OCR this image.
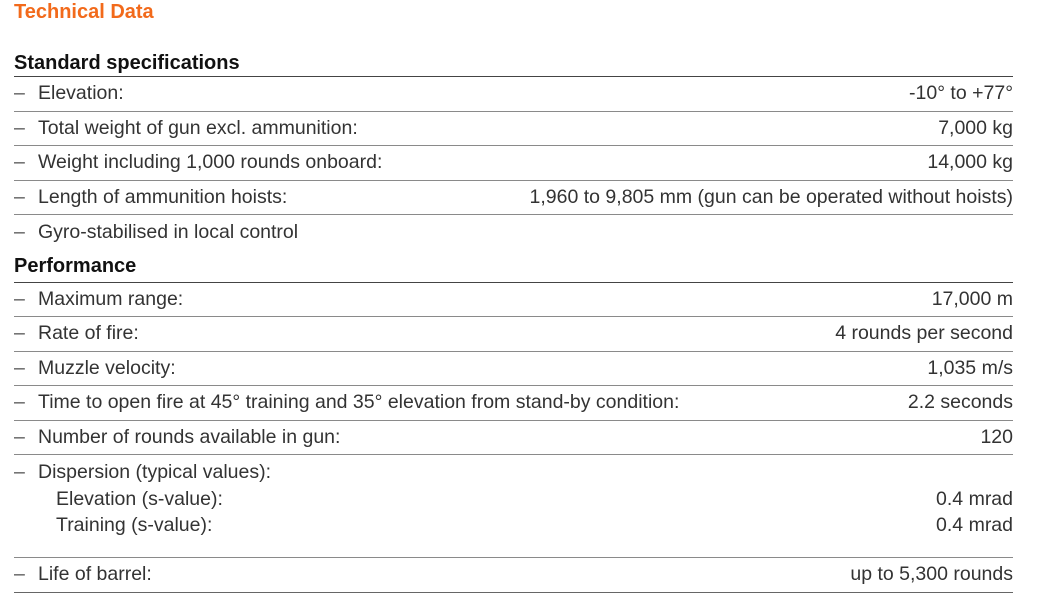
Technical Data
Standard specifications
– Elevation:	-10° to +77°
– Total weight of gun excl. ammunition:	7,000 kg
– Weight including 1,000 rounds onboard:	14,000 kg
– Length of ammunition hoists:	1,960 to 9,805 mm (gun can be operated without hoists)
– Gyro-stabilised in local control
Performance
– Maximum range:	17,000 m
– Rate of fire:	4 rounds per second
– Muzzle velocity:	1,035 m/s
– Time to open fire at 45° training and 35° elevation from stand-by condition:	2.2 seconds
– Number of rounds available in gun:	120
– Dispersion (typical values):
Elevation (s-value):	0.4 mrad
Training (s-value):	0.4 mrad
– Life of barrel:	up to 5,300 rounds
